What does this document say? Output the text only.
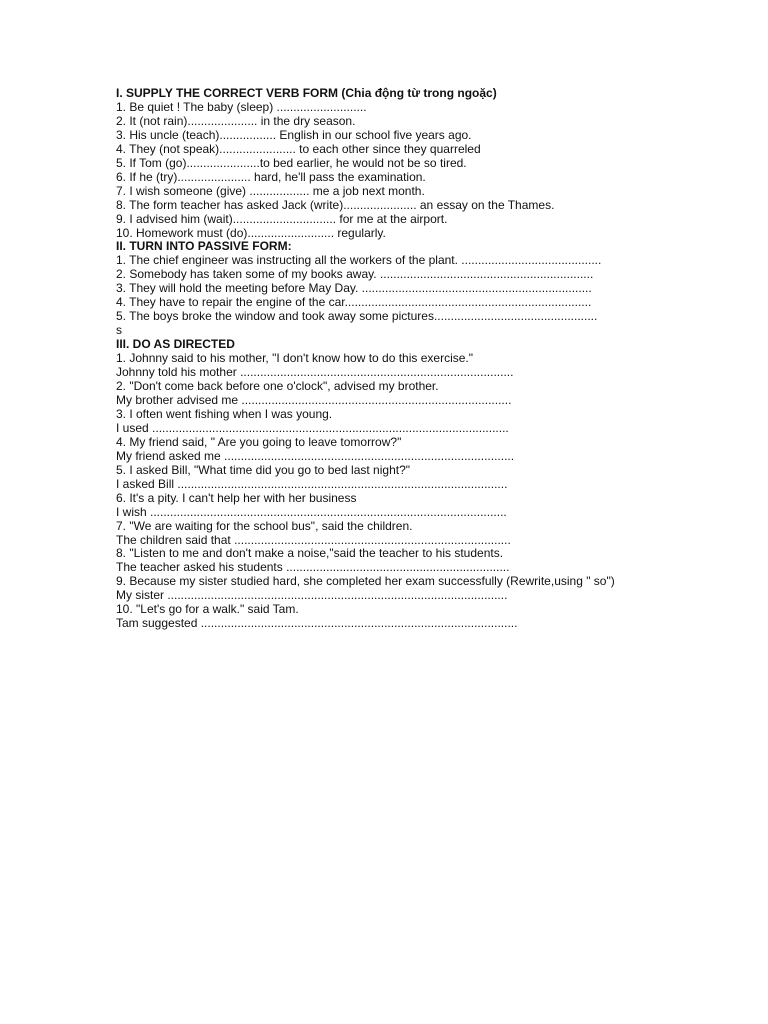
I. SUPPLY THE CORRECT VERB FORM (Chia động từ trong ngoặc)
1. Be quiet ! The baby (sleep) ...........................
2. It (not rain)..................... in the dry season.
3. His uncle (teach)................. English in our school five years ago.
4. They (not speak)....................... to each other since they quarreled
5. If Tom (go)......................to bed earlier, he would not be so tired.
6. If he (try)...................... hard, he'll pass the examination.
7. I wish someone (give) .................. me a job next month.
8. The form teacher has asked Jack (write)...................... an essay on the Thames.
9. I advised him (wait)............................... for me at the airport.
10. Homework must (do).......................... regularly.
II. TURN INTO PASSIVE FORM:
1. The chief engineer was instructing all the workers of the plant. ..........................................
2. Somebody has taken some of my books away. ................................................................
3. They will hold the meeting before May Day. .....................................................................
4. They have to repair the engine of the car..........................................................................
5. The boys broke the window and took away some pictures.................................................
s
III. DO AS DIRECTED
1. Johnny said to his mother, "I don't know how to do this exercise."
Johnny told his mother ..................................................................................
2. "Don't come back before one o'clock", advised my brother.
My brother advised me .................................................................................
3. I often went fishing when I was young.
I used ...........................................................................................................
4. My friend said, " Are you going to leave tomorrow?"
My friend asked me .......................................................................................
5. I asked Bill, "What time did you go to bed last night?"
I asked Bill ...................................................................................................
6. It's a pity. I can't help her with her business
I wish ...........................................................................................................
7. "We are waiting for the school bus", said the children.
The children said that ...................................................................................
8. "Listen to me and don't make a noise,"said the teacher to his students.
The teacher asked his students ...................................................................
9. Because my sister studied hard, she completed her exam successfully (Rewrite,using " so")
My sister ......................................................................................................
10. "Let's go for a walk." said Tam.
Tam suggested ...............................................................................................
